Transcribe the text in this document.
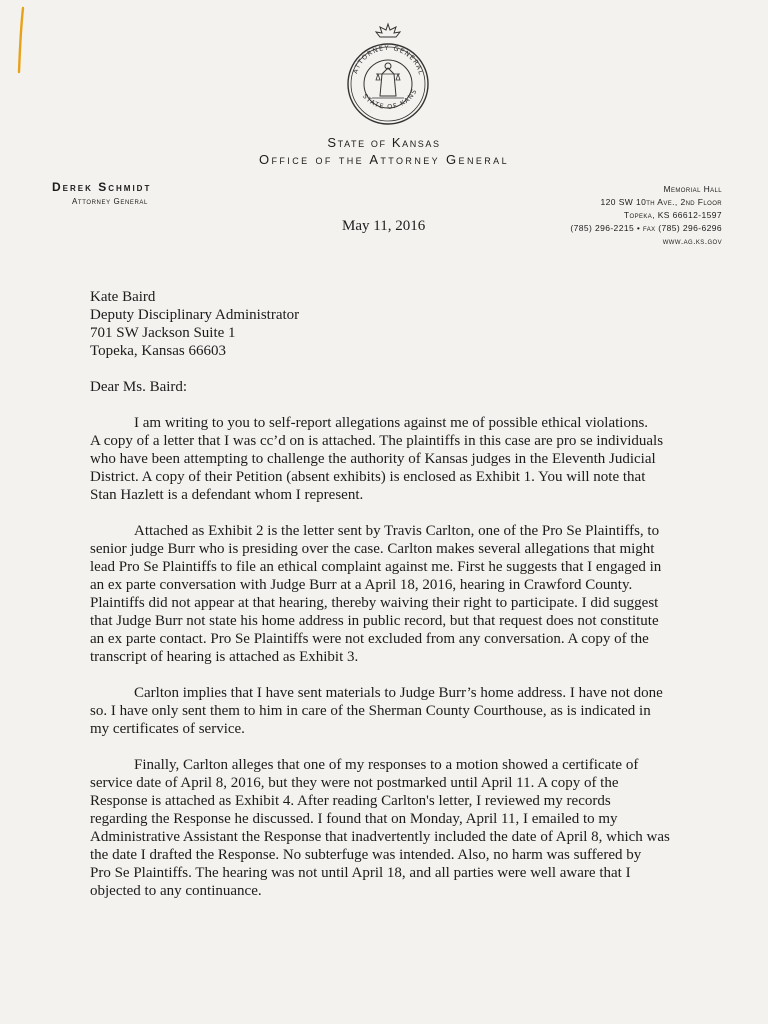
ATTORNEY GENERAL
STATE OF KANS
State of Kansas
Office of the Attorney General
Derek Schmidt
Attorney General
Memorial Hall
120 SW 10th Ave., 2nd Floor
Topeka, KS 66612-1597
(785) 296-2215 • fax (785) 296-6296
www.ag.ks.gov
May 11, 2016
Kate Baird
Deputy Disciplinary Administrator
701 SW Jackson Suite 1
Topeka, Kansas 66603
Dear Ms. Baird:
I am writing to you to self-report allegations against me of possible ethical violations.
A copy of a letter that I was cc’d on is attached. The plaintiffs in this case are pro se individuals
who have been attempting to challenge the authority of Kansas judges in the Eleventh Judicial
District. A copy of their Petition (absent exhibits) is enclosed as Exhibit 1. You will note that
Stan Hazlett is a defendant whom I represent.
Attached as Exhibit 2 is the letter sent by Travis Carlton, one of the Pro Se Plaintiffs, to
senior judge Burr who is presiding over the case. Carlton makes several allegations that might
lead Pro Se Plaintiffs to file an ethical complaint against me. First he suggests that I engaged in
an ex parte conversation with Judge Burr at a April 18, 2016, hearing in Crawford County.
Plaintiffs did not appear at that hearing, thereby waiving their right to participate. I did suggest
that Judge Burr not state his home address in public record, but that request does not constitute
an ex parte contact. Pro Se Plaintiffs were not excluded from any conversation. A copy of the
transcript of hearing is attached as Exhibit 3.
Carlton implies that I have sent materials to Judge Burr’s home address. I have not done
so. I have only sent them to him in care of the Sherman County Courthouse, as is indicated in
my certificates of service.
Finally, Carlton alleges that one of my responses to a motion showed a certificate of
service date of April 8, 2016, but they were not postmarked until April 11. A copy of the
Response is attached as Exhibit 4. After reading Carlton's letter, I reviewed my records
regarding the Response he discussed. I found that on Monday, April 11, I emailed to my
Administrative Assistant the Response that inadvertently included the date of April 8, which was
the date I drafted the Response. No subterfuge was intended. Also, no harm was suffered by
Pro Se Plaintiffs. The hearing was not until April 18, and all parties were well aware that I
objected to any continuance.
